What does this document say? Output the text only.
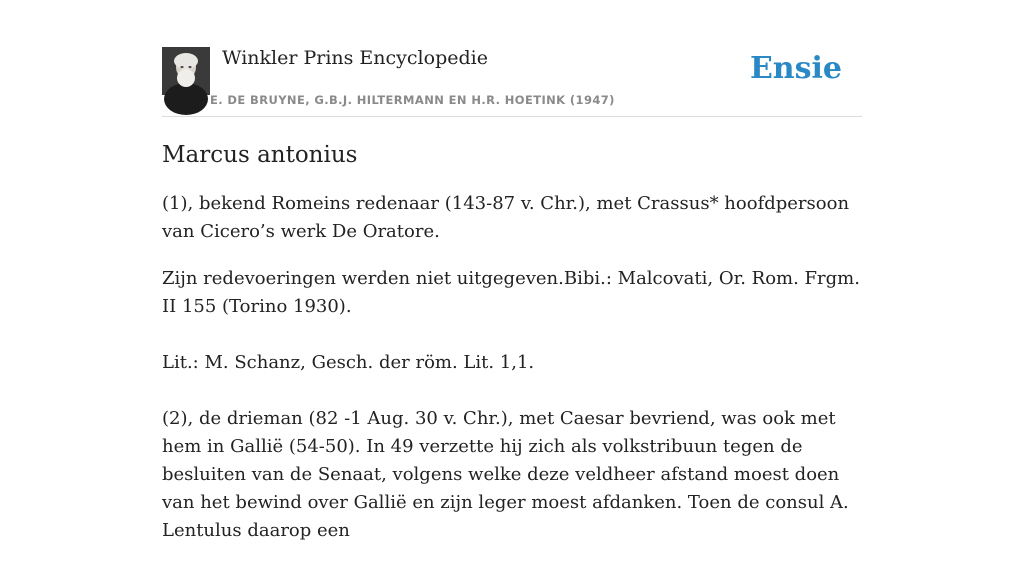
Winkler Prins Encyclopedie
E. DE BRUYNE, G.B.J. HILTERMANN EN H.R. HOETINK (1947)
Ensie
Marcus antonius

(1), bekend Romeins redenaar (143-87 v. Chr.), met Crassus* hoofdpersoon van Cicero’s werk De Oratore.

Zijn redevoeringen werden niet uitgegeven.Bibi.: Malcovati, Or. Rom. Frgm. II 155 (Torino 1930).

Lit.: M. Schanz, Gesch. der röm. Lit. 1,1.

(2), de drieman (82 -1 Aug. 30 v. Chr.), met Caesar bevriend, was ook met hem in Gallië (54-50). In 49 verzette hij zich als volkstribuun tegen de besluiten van de Senaat, volgens welke deze veldheer afstand moest doen van het bewind over Gallië en zijn leger moest afdanken. Toen de consul A. Lentulus daarop een
